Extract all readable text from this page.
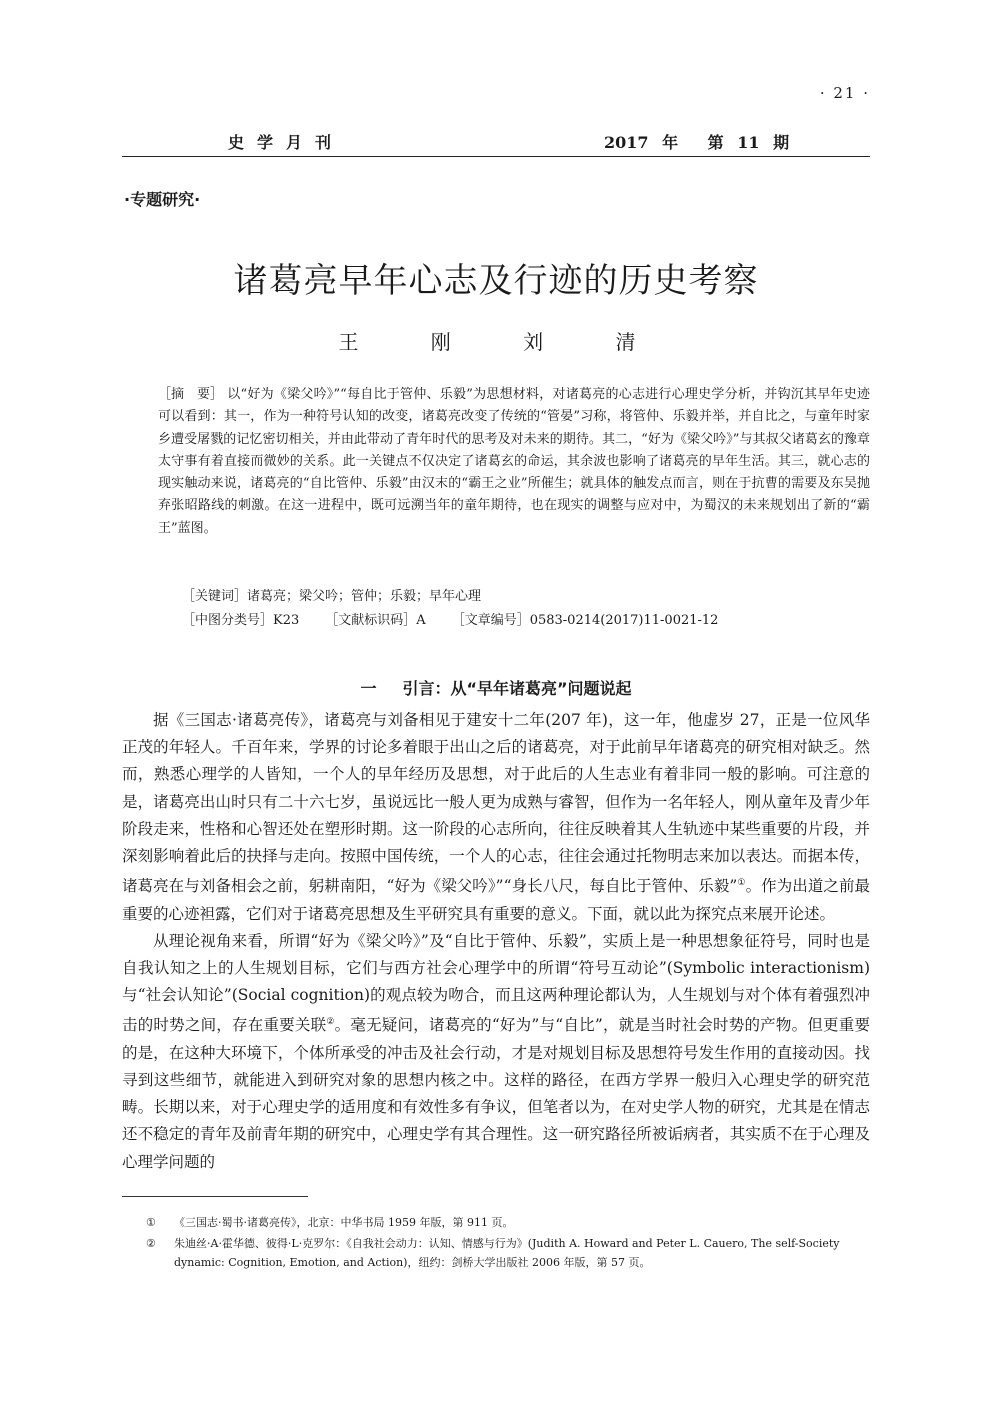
· 21 ·
史学月刊	2017 年　 第 11 期
·专题研究·
诸葛亮早年心志及行迹的历史考察
王 刚 刘 清
［摘　要］ 以“好为《梁父吟》”“每自比于管仲、乐毅”为思想材料，对诸葛亮的心志进行心理史学分析，并钩沉其早年史迹可以看到：其一，作为一种符号认知的改变，诸葛亮改变了传统的“管晏”习称，将管仲、乐毅并举，并自比之，与童年时家乡遭受屠戮的记忆密切相关，并由此带动了青年时代的思考及对未来的期待。其二，“好为《梁父吟》”与其叔父诸葛玄的豫章太守事有着直接而微妙的关系。此一关键点不仅决定了诸葛玄的命运，其余波也影响了诸葛亮的早年生活。其三，就心志的现实触动来说，诸葛亮的“自比管仲、乐毅”由汉末的“霸王之业”所催生；就具体的触发点而言，则在于抗曹的需要及东吴抛弃张昭路线的刺激。在这一进程中，既可远溯当年的童年期待，也在现实的调整与应对中，为蜀汉的未来规划出了新的“霸王”蓝图。
［关键词］诸葛亮；梁父吟；管仲；乐毅；早年心理
［中图分类号］K23 ［文献标识码］A ［文章编号］0583-0214(2017)11-0021-12
一 引言：从“早年诸葛亮”问题说起

据《三国志·诸葛亮传》，诸葛亮与刘备相见于建安十二年(207 年)，这一年，他虚岁 27，正是一位风华正茂的年轻人。千百年来，学界的讨论多着眼于出山之后的诸葛亮，对于此前早年诸葛亮的研究相对缺乏。然而，熟悉心理学的人皆知，一个人的早年经历及思想，对于此后的人生志业有着非同一般的影响。可注意的是，诸葛亮出山时只有二十六七岁，虽说远比一般人更为成熟与睿智，但作为一名年轻人，刚从童年及青少年阶段走来，性格和心智还处在塑形时期。这一阶段的心志所向，往往反映着其人生轨迹中某些重要的片段，并深刻影响着此后的抉择与走向。按照中国传统，一个人的心志，往往会通过托物明志来加以表达。而据本传，诸葛亮在与刘备相会之前，躬耕南阳，“好为《梁父吟》”“身长八尺，每自比于管仲、乐毅”①。作为出道之前最重要的心迹袒露，它们对于诸葛亮思想及生平研究具有重要的意义。下面，就以此为探究点来展开论述。

从理论视角来看，所谓“好为《梁父吟》”及“自比于管仲、乐毅”，实质上是一种思想象征符号，同时也是自我认知之上的人生规划目标，它们与西方社会心理学中的所谓“符号互动论”(Symbolic interactionism)与“社会认知论”(Social cognition)的观点较为吻合，而且这两种理论都认为，人生规划与对个体有着强烈冲击的时势之间，存在重要关联②。毫无疑问，诸葛亮的“好为”与“自比”，就是当时社会时势的产物。但更重要的是，在这种大环境下，个体所承受的冲击及社会行动，才是对规划目标及思想符号发生作用的直接动因。找寻到这些细节，就能进入到研究对象的思想内核之中。这样的路径，在西方学界一般归入心理史学的研究范畴。长期以来，对于心理史学的适用度和有效性多有争议，但笔者以为，在对史学人物的研究，尤其是在情志还不稳定的青年及前青年期的研究中，心理史学有其合理性。这一研究路径所被诟病者，其实质不在于心理及心理学问题的

① 《三国志·蜀书·诸葛亮传》，北京：中华书局 1959 年版，第 911 页。
② 朱迪丝·A·霍华德、彼得·L·克罗尔：《自我社会动力：认知、情感与行为》(Judith A. Howard and Peter L. Cauero, The self-Society dynamic: Cognition, Emotion, and Action)，纽约：剑桥大学出版社 2006 年版，第 57 页。
